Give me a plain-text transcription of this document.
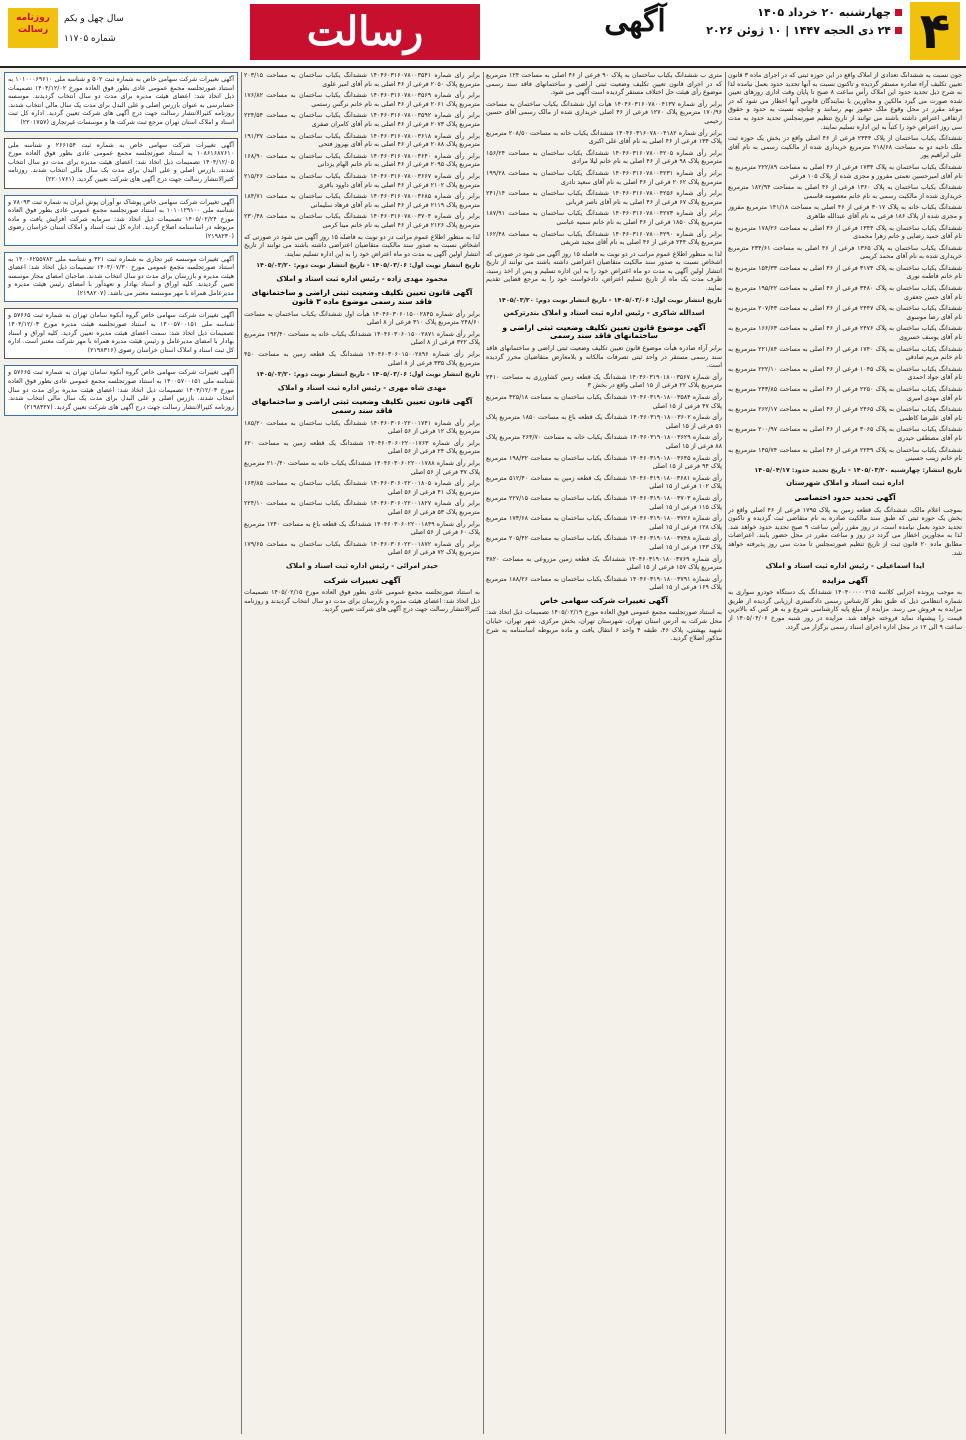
۴
چهارشنبه ۲۰ خرداد ۱۴۰۵
۲۴ ذی الحجه ۱۴۴۷ | ۱۰ ژوئن ۲۰۲۶
آگهی
رسالت
روزنامه رسالت
سال چهل و یکم
شماره ۱۱۷۰۵

جون نسبت به ششدانگ تعدادی از املاک واقع در این حوزه ثبتی که در اجرای ماده ۳ قانون تعیین تکلیف آراء صادره مستقر گردیده و تاکنون نسبت به آنها تحدید حدود بعمل نیامده لذا به شرح ذیل تحدید حدود این املاک رأس ساعت ۸ صبح تا پایان وقت اداری روزهای تعیین شده صورت می گیرد مالکین و مجاورین یا نمایندگان قانونی آنها اخطار می شود که در موعد مقرر در محل وقوع ملک حضور بهم رسانند و چنانچه نسبت به حدود و حقوق ارتفاقی اعتراض داشته باشند می توانند از تاریخ تنظیم صورتمجلس تحدید حدود به مدت سی روز اعتراض خود را کتباً به این اداره تسلیم نمایند.

ششدانگ یکباب ساختمان از پلاک ۲۳۴۴ فرعی از ۴۶ اصلی واقع در بخش یک حوزه ثبت ملک ناحیه دو به مساحت ۲۱۸/۶۸ مترمربع خریداری شده از مالکیت رسمی به نام آقای علی ابراهیم پور

ششدانگ یکباب ساختمان به پلاک ۱۷۳۴ فرعی از ۴۶ اصلی به مساحت ۲۲۲/۸۹ مترمربع به نام آقای امیرحسین نعمتی مفروز و مجزی شده از پلاک ۱۰۵ فرعی

ششدانگ یکباب ساختمان به پلاک ۱۳۶۰ فرعی از ۴۶ اصلی به مساحت ۱۸۲/۹۴ مترمربع خریداری شده از مالکیت رسمی به نام خانم معصومه قاسمی

ششدانگ یکباب خانه به پلاک ۳۰۱۷ فرعی از ۴۶ اصلی به مساحت ۱۴۱/۱۸ مترمربع مفروز و مجزی شده از پلاک ۱۸۶ فرعی به نام آقای عبدالله طاهری

ششدانگ یکباب ساختمان به پلاک ۱۳۴۴ فرعی از ۴۶ اصلی به مساحت ۱۷۸/۲۶ مترمربع به نام آقای حمید رضایی و خانم زهرا محمدی

ششدانگ یکباب ساختمان به پلاک ۱۳۶۵ فرعی از ۴۶ اصلی به مساحت ۲۳۴/۶۱ مترمربع خریداری شده به نام آقای محمد کریمی

ششدانگ یکباب ساختمان به پلاک ۳۱۷۴ فرعی از ۴۶ اصلی به مساحت ۱۵۴/۳۳ مترمربع به نام خانم فاطمه نوری

ششدانگ یکباب ساختمان به پلاک ۳۴۸۰ فرعی از ۴۶ اصلی به مساحت ۱۹۵/۲۲ مترمربع به نام آقای حسن جعفری

ششدانگ یکباب ساختمان به پلاک ۲۴۴۷ فرعی از ۴۶ اصلی به مساحت ۲۰۷/۴۳ مترمربع به نام آقای رضا موسوی

ششدانگ یکباب ساختمان به پلاک ۲۴۷۶ فرعی از ۴۶ اصلی به مساحت ۱۶۶/۶۳ مترمربع به نام آقای یوسف خسروی

ششدانگ یکباب ساختمان به پلاک ۱۷۴۰ فرعی از ۴۶ اصلی به مساحت ۲۲۱/۸۴ مترمربع به نام خانم مریم صادقی

ششدانگ یکباب ساختمان به پلاک ۱۰۴۵ فرعی از ۴۶ اصلی به مساحت ۲۲۲/۱۰ مترمربع به نام آقای جواد احمدی

ششدانگ یکباب ساختمان به پلاک ۲۲۵۰ فرعی از ۴۶ اصلی به مساحت ۲۴۳/۸۵ مترمربع به نام آقای مهدی امیری

ششدانگ یکباب ساختمان به پلاک ۲۴۶۵ فرعی از ۴۶ اصلی به مساحت ۲۶۲/۱۷ مترمربع به نام آقای علیرضا کاظمی

ششدانگ یکباب ساختمان به پلاک ۳۰۶۵ فرعی از ۴۶ اصلی به مساحت ۲۰۰/۹۷ مترمربع به نام آقای مصطفی حیدری

ششدانگ یکباب ساختمان به پلاک ۲۲۴۹ فرعی از ۴۶ اصلی به مساحت ۱۴۵/۷۴ مترمربع به نام خانم زینب حسینی

تاریخ انتشار: چهارشنبه ۱۴۰۵/۰۳/۲۰ - تاریخ تحدید حدود: ۱۴۰۵/۰۴/۱۷

اداره ثبت اسناد و املاک شهرستان
آگهی تحدید حدود اختصاصی

بموجب اعلام مالک، ششدانگ یک قطعه زمین به پلاک ۱۷۹۵ فرعی از ۴۶ اصلی واقع در بخش یک حوزه ثبتی که طبق سند مالکیت صادره به نام متقاضی ثبت گردیده و تاکنون تحدید حدود بعمل نیامده است، در روز مقرر رأس ساعت ۹ صبح تحدید حدود خواهد شد. لذا به مجاورین اخطار می گردد در روز و ساعت مقرر در محل حضور یابند. اعتراضات مطابق ماده ۲۰ قانون ثبت از تاریخ تنظیم صورتمجلس تا مدت سی روز پذیرفته خواهد شد.

ایدا اسماعیلی - رئیس اداره ثبت اسناد و املاک
آگهی مزایده

به موجب پرونده اجرایی کلاسه ۱۴۰۴۰۰۰۰۰۲۱۵ ششدانگ یک دستگاه خودرو سواری به شماره انتظامی ذیل که طبق نظر کارشناس رسمی دادگستری ارزیابی گردیده از طریق مزایده به فروش می رسد. مزایده از مبلغ پایه کارشناسی شروع و به هر کس که بالاترین قیمت را پیشنهاد نماید فروخته خواهد شد. مزایده در روز شنبه مورخ ۱۴۰۵/۰۴/۰۶ از ساعت ۹ الی ۱۲ در محل اداره اجرای اسناد رسمی برگزار می گردد.

متری ب ششدانگ یکباب ساختمان به پلاک ۹۰ فرعی از ۴۶ اصلی به مساحت ۱۲۴ مترمربع که در اجرای قانون تعیین تکلیف وضعیت ثبتی اراضی و ساختمانهای فاقد سند رسمی موضوع رأی هیئت حل اختلاف مستقر گردیده است آگهی می شود.

برابر رأی شماره ۱۴۰۴۶۰۳۱۶۰۷۸۰۰۴۱۳۷ هیأت اول ششدانگ یکباب ساختمان به مساحت ۱۷۰/۹۶ مترمربع پلاک ۱۲۷۰ فرعی از ۴۶ اصلی خریداری شده از مالک رسمی آقای حسین رحیمی

برابر رأی شماره ۱۴۰۴۶۰۳۱۶۰۷۸۰۰۴۱۸۲ ششدانگ یکباب خانه به مساحت ۲۰۸/۵۰ مترمربع پلاک ۱۳۴ فرعی از ۴۶ اصلی به نام آقای علی اکبری

برابر رأی شماره ۱۴۰۴۶۰۳۱۶۰۷۸۰۰۴۲۰۵ ششدانگ یکباب ساختمان به مساحت ۱۵۶/۲۴ مترمربع پلاک ۹۸ فرعی از ۴۶ اصلی به نام خانم لیلا مرادی

برابر رأی شماره ۱۴۰۴۶۰۳۱۶۰۷۸۰۰۴۲۳۱ ششدانگ یکباب ساختمان به مساحت ۱۹۹/۲۸ مترمربع پلاک ۲۰۶۲ فرعی از ۴۶ اصلی به نام آقای سعید نادری

برابر رأی شماره ۱۴۰۴۶۰۳۱۶۰۷۸۰۰۴۲۵۶ ششدانگ یکباب ساختمان به مساحت ۲۴۱/۱۴ مترمربع پلاک ۶۷ فرعی از ۴۶ اصلی به نام آقای ناصر قربانی

برابر رأی شماره ۱۴۰۴۶۰۳۱۶۰۷۸۰۰۴۲۷۳ ششدانگ یکباب ساختمان به مساحت ۱۸۷/۹۱ مترمربع پلاک ۱۸۵۰ فرعی از ۴۶ اصلی به نام خانم سمیه عباسی

برابر رأی شماره ۱۴۰۴۶۰۳۱۶۰۷۸۰۰۴۲۹۰ ششدانگ یکباب ساختمان به مساحت ۱۶۲/۴۸ مترمربع پلاک ۲۴۴ فرعی از ۴۶ اصلی به نام آقای مجید شریفی

لذا به منظور اطلاع عموم مراتب در دو نوبت به فاصله ۱۵ روز آگهی می شود در صورتی که اشخاص نسبت به صدور سند مالکیت متقاضیان اعتراضی داشته باشند می توانند از تاریخ انتشار اولین آگهی به مدت دو ماه اعتراض خود را به این اداره تسلیم و پس از اخذ رسید، ظرف مدت یک ماه از تاریخ تسلیم اعتراض، دادخواست خود را به مرجع قضایی تقدیم نمایند.

تاریخ انتشار نوبت اول: ۱۴۰۵/۰۳/۰۶ - تاریخ انتشار نوبت دوم: ۱۴۰۵/۰۳/۲۰

اسدالله شاکری - رئیس اداره ثبت اسناد و املاک بندرترکمن
آگهی موضوع قانون تعیین تکلیف وضعیت ثبتی اراضی و ساختمانهای فاقد سند رسمی

برابر آراء صادره هیأت موضوع قانون تعیین تکلیف وضعیت ثبتی اراضی و ساختمانهای فاقد سند رسمی مستقر در واحد ثبتی تصرفات مالکانه و بلامعارض متقاضیان محرز گردیده است.

رأی شماره ۱۴۰۴۶۰۳۱۹۰۱۸۰۰۳۵۶۷ ششدانگ یک قطعه زمین کشاورزی به مساحت ۲۴۱۰ مترمربع پلاک ۲۲ فرعی از ۱۵ اصلی واقع در بخش ۳

رأی شماره ۱۴۰۴۶۰۳۱۹۰۱۸۰۰۳۵۸۴ ششدانگ یکباب ساختمان به مساحت ۳۲۵/۱۸ مترمربع پلاک ۴۷ فرعی از ۱۵ اصلی

رأی شماره ۱۴۰۴۶۰۳۱۹۰۱۸۰۰۳۶۰۲ ششدانگ یک قطعه باغ به مساحت ۱۸۵۰ مترمربع پلاک ۵۱ فرعی از ۱۵ اصلی

رأی شماره ۱۴۰۴۶۰۳۱۹۰۱۸۰۰۳۶۲۹ ششدانگ یکباب خانه به مساحت ۲۶۴/۷۰ مترمربع پلاک ۸۸ فرعی از ۱۵ اصلی

رأی شماره ۱۴۰۴۶۰۳۱۹۰۱۸۰۰۳۶۴۵ ششدانگ یکباب ساختمان به مساحت ۱۹۸/۳۲ مترمربع پلاک ۹۴ فرعی از ۱۵ اصلی

رأی شماره ۱۴۰۴۶۰۳۱۹۰۱۸۰۰۳۶۸۱ ششدانگ یک قطعه زمین به مساحت ۵۱۲/۴۰ مترمربع پلاک ۱۰۲ فرعی از ۱۵ اصلی

رأی شماره ۱۴۰۴۶۰۳۱۹۰۱۸۰۰۳۷۰۳ ششدانگ یکباب ساختمان به مساحت ۲۲۷/۱۵ مترمربع پلاک ۱۱۵ فرعی از ۱۵ اصلی

رأی شماره ۱۴۰۴۶۰۳۱۹۰۱۸۰۰۳۷۲۶ ششدانگ یکباب ساختمان به مساحت ۱۷۳/۶۸ مترمربع پلاک ۱۲۸ فرعی از ۱۵ اصلی

رأی شماره ۱۴۰۴۶۰۳۱۹۰۱۸۰۰۳۷۴۸ ششدانگ یکباب ساختمان به مساحت ۲۰۵/۴۲ مترمربع پلاک ۱۴۳ فرعی از ۱۵ اصلی

رأی شماره ۱۴۰۴۶۰۳۱۹۰۱۸۰۰۳۷۶۹ ششدانگ یک قطعه زمین مزروعی به مساحت ۳۸۲۰ مترمربع پلاک ۱۵۷ فرعی از ۱۵ اصلی

رأی شماره ۱۴۰۴۶۰۳۱۹۰۱۸۰۰۳۷۹۱ ششدانگ یکباب ساختمان به مساحت ۱۸۸/۲۶ مترمربع پلاک ۱۶۹ فرعی از ۱۵ اصلی

آگهی تغییرات شرکت سهامی خاص

به استناد صورتجلسه مجمع عمومی فوق العاده مورخ ۱۴۰۵/۰۲/۱۹ تصمیمات ذیل اتخاذ شد: محل شرکت به آدرس استان تهران، شهرستان تهران، بخش مرکزی، شهر تهران، خیابان شهید بهشتی، پلاک ۴۶، طبقه ۴ واحد ۶ انتقال یافت و ماده مربوطه اساسنامه به شرح مذکور اصلاح گردید.

برابر رأی شماره ۱۴۰۴۶۰۳۱۶۰۷۸۰۰۳۵۴۱ ششدانگ یکباب ساختمان به مساحت ۲۰۳/۱۵ مترمربع پلاک ۲۰۵۰ فرعی از ۴۶ اصلی به نام آقای امیر علوی

برابر رأی شماره ۱۴۰۴۶۰۳۱۶۰۷۸۰۰۳۵۶۹ ششدانگ یکباب ساختمان به مساحت ۱۷۶/۸۲ مترمربع پلاک ۲۰۶۱ فرعی از ۴۶ اصلی به نام خانم نرگس رستمی

برابر رأی شماره ۱۴۰۴۶۰۳۱۶۰۷۸۰۰۳۵۹۲ ششدانگ یکباب ساختمان به مساحت ۲۲۴/۵۴ مترمربع پلاک ۲۰۷۳ فرعی از ۴۶ اصلی به نام آقای کامران صفری

برابر رأی شماره ۱۴۰۴۶۰۳۱۶۰۷۸۰۰۳۶۱۸ ششدانگ یکباب ساختمان به مساحت ۱۹۱/۳۷ مترمربع پلاک ۲۰۸۸ فرعی از ۴۶ اصلی به نام آقای بهروز فتحی

برابر رأی شماره ۱۴۰۴۶۰۳۱۶۰۷۸۰۰۳۶۴۰ ششدانگ یکباب ساختمان به مساحت ۱۶۸/۹۰ مترمربع پلاک ۲۰۹۵ فرعی از ۴۶ اصلی به نام خانم الهام یزدانی

برابر رأی شماره ۱۴۰۴۶۰۳۱۶۰۷۸۰۰۳۶۶۷ ششدانگ یکباب ساختمان به مساحت ۲۱۵/۲۶ مترمربع پلاک ۲۱۰۲ فرعی از ۴۶ اصلی به نام آقای داوود باقری

برابر رأی شماره ۱۴۰۴۶۰۳۱۶۰۷۸۰۰۳۶۸۵ ششدانگ یکباب ساختمان به مساحت ۱۸۴/۷۱ مترمربع پلاک ۲۱۱۹ فرعی از ۴۶ اصلی به نام آقای فرهاد سلیمانی

برابر رأی شماره ۱۴۰۴۶۰۳۱۶۰۷۸۰۰۳۷۰۴ ششدانگ یکباب ساختمان به مساحت ۲۳۰/۴۸ مترمربع پلاک ۲۱۲۶ فرعی از ۴۶ اصلی به نام خانم مینا کرمی

لذا به منظور اطلاع عموم مراتب در دو نوبت به فاصله ۱۵ روز آگهی می شود در صورتی که اشخاص نسبت به صدور سند مالکیت متقاضیان اعتراضی داشته باشند می توانند از تاریخ انتشار اولین آگهی به مدت دو ماه اعتراض خود را به این اداره تسلیم نمایند.

تاریخ انتشار نوبت اول: ۱۴۰۵/۰۳/۰۶ - تاریخ انتشار نوبت دوم: ۱۴۰۵/۰۳/۲۰

محمود مهدی زاده - رئیس اداره ثبت اسناد و املاک
آگهی قانون تعیین تکلیف وضعیت ثبتی اراضی و ساختمانهای فاقد سند رسمی موضوع ماده ۳ قانون

برابر رأی شماره ۱۴۰۴۶۰۳۰۶۰۱۵۰۰۲۸۴۵ هیأت اول ششدانگ یکباب ساختمان به مساحت ۲۴۸/۶۰ مترمربع پلاک ۳۱۰ فرعی از ۸ اصلی

برابر رأی شماره ۱۴۰۴۶۰۳۰۶۰۱۵۰۰۲۸۷۱ ششدانگ یکباب خانه به مساحت ۱۹۲/۴۰ مترمربع پلاک ۳۲۲ فرعی از ۸ اصلی

برابر رأی شماره ۱۴۰۴۶۰۳۰۶۰۱۵۰۰۲۸۹۶ ششدانگ یک قطعه زمین به مساحت ۴۵۰ مترمربع پلاک ۳۳۵ فرعی از ۸ اصلی

تاریخ انتشار نوبت اول: ۱۴۰۵/۰۳/۰۶ - تاریخ انتشار نوبت دوم: ۱۴۰۵/۰۳/۲۰

مهدی شاه مهری - رئیس اداره ثبت اسناد و املاک
آگهی قانون تعیین تکلیف وضعیت ثبتی اراضی و ساختمانهای فاقد سند رسمی

برابر رأی شماره ۱۴۰۴۶۰۳۰۶۰۲۲۰۰۱۷۴۱ ششدانگ یکباب ساختمان به مساحت ۱۸۵/۲۰ مترمربع پلاک ۱۲ فرعی از ۵۶ اصلی

برابر رأی شماره ۱۴۰۴۶۰۳۰۶۰۲۲۰۰۱۷۶۳ ششدانگ یک قطعه زمین به مساحت ۶۲۰ مترمربع پلاک ۲۴ فرعی از ۵۶ اصلی

برابر رأی شماره ۱۴۰۴۶۰۳۰۶۰۲۲۰۰۱۷۸۸ ششدانگ یکباب خانه به مساحت ۲۱۰/۴۰ مترمربع پلاک ۳۷ فرعی از ۵۶ اصلی

برابر رأی شماره ۱۴۰۴۶۰۳۰۶۰۲۲۰۰۱۸۰۵ ششدانگ یکباب ساختمان به مساحت ۱۶۳/۸۵ مترمربع پلاک ۴۱ فرعی از ۵۶ اصلی

برابر رأی شماره ۱۴۰۴۶۰۳۰۶۰۲۲۰۰۱۸۲۷ ششدانگ یکباب ساختمان به مساحت ۲۲۴/۱۰ مترمربع پلاک ۵۳ فرعی از ۵۶ اصلی

برابر رأی شماره ۱۴۰۴۶۰۳۰۶۰۲۲۰۰۱۸۴۹ ششدانگ یک قطعه باغ به مساحت ۱۲۴۰ مترمربع پلاک ۶۰ فرعی از ۵۶ اصلی

برابر رأی شماره ۱۴۰۴۶۰۳۰۶۰۲۲۰۰۱۸۷۲ ششدانگ یکباب ساختمان به مساحت ۱۷۹/۶۵ مترمربع پلاک ۷۲ فرعی از ۵۶ اصلی

حیدر امرائی - رئیس اداره ثبت اسناد و املاک
آگهی تغییرات شرکت

به استناد صورتجلسه مجمع عمومی عادی بطور فوق العاده مورخ ۱۴۰۵/۰۲/۱۵ تصمیمات ذیل اتخاذ شد: اعضای هیئت مدیره و بازرسان برای مدت دو سال انتخاب گردیدند و روزنامه کثیرالانتشار رسالت جهت درج آگهی های شرکت تعیین گردید.

آگهی تغییرات شرکت سهامی خاص به شماره ثبت ۵۰۲ و شناسه ملی ۱۰۱۰۰۰۶۹۶۱۰ به استناد صورتجلسه مجمع عمومی عادی بطور فوق العاده مورخ ۱۴۰۴/۱۲/۰۲ تصمیمات ذیل اتخاذ شد: اعضای هیئت مدیره برای مدت دو سال انتخاب گردیدند. موسسه حسابرسی به عنوان بازرس اصلی و علی البدل برای مدت یک سال مالی انتخاب شدند. روزنامه کثیرالانتشار رسالت جهت درج آگهی های شرکت تعیین گردید. اداره کل ثبت اسناد و املاک استان تهران مرجع ثبت شرکت ها و موسسات غیرتجاری (۲۲۰۱۷۵۷)
آگهی تغییرات شرکت سهامی خاص به شماره ثبت ۲۶۶۱۵۴ و شناسه ملی ۱۰۸۶۱۶۸۷۶۱۰ به استناد صورتجلسه مجمع عمومی عادی بطور فوق العاده مورخ ۱۴۰۴/۱۲/۰۵ تصمیمات ذیل اتخاذ شد: اعضای هیئت مدیره برای مدت دو سال انتخاب شدند. بازرس اصلی و علی البدل برای مدت یک سال مالی انتخاب شدند. روزنامه کثیرالانتشار رسالت جهت درج آگهی های شرکت تعیین گردید. (۲۲۰۱۷۶۱)
آگهی تغییرات شرکت سهامی خاص پوشاک نو آوران پوش ایران به شماره ثبت ۷۸۰۹۳ و شناسه ملی ۱۰۱۰۱۲۹۱۰۰ به استناد صورتجلسه مجمع عمومی عادی بطور فوق العاده مورخ ۱۴۰۵/۰۲/۲۴ تصمیمات ذیل اتخاذ شد: سرمایه شرکت افزایش یافت و ماده مربوطه در اساسنامه اصلاح گردید. اداره کل ثبت اسناد و املاک استان خراسان رضوی (۲۱۹۸۲۳۰)
آگهی تغییرات موسسه غیر تجاری به شماره ثبت ۳۲۱ و شناسه ملی ۱۴۰۰۶۲۵۵۷۸۲ به استناد صورتجلسه مجمع عمومی مورخ ۱۴۰۴/۰۷/۳۰ تصمیمات ذیل اتخاذ شد: اعضای هیئت مدیره و بازرسان برای مدت دو سال انتخاب شدند. صاحبان امضای مجاز موسسه تعیین گردیدند. کلیه اوراق و اسناد بهادار و تعهدآور با امضای رئیس هیئت مدیره و مدیرعامل همراه با مهر موسسه معتبر می باشد. (۲۱۹۸۲۰۷)
آگهی تغییرات شرکت سهامی خاص گروه آبکوه سامان تهران به شماره ثبت ۵۷۶۶۵ و شناسه ملی ۱۴۰۰۵۷۰۰۱۵۱ به استناد صورتجلسه هیئت مدیره مورخ ۱۴۰۴/۱۲/۰۳ تصمیمات ذیل اتخاذ شد: سمت اعضای هیئت مدیره تعیین گردید. کلیه اوراق و اسناد بهادار با امضای مدیرعامل و رئیس هیئت مدیره همراه با مهر شرکت معتبر است. اداره کل ثبت اسناد و املاک استان خراسان رضوی (۲۱۹۸۳۱۶)
آگهی تغییرات شرکت سهامی خاص گروه آبکوه سامان تهران به شماره ثبت ۵۷۶۶۵ و شناسه ملی ۱۴۰۰۵۷۰۰۱۵۱ به استناد صورتجلسه مجمع عمومی عادی بطور فوق العاده مورخ ۱۴۰۴/۱۲/۰۳ تصمیمات ذیل اتخاذ شد: اعضای هیئت مدیره برای مدت دو سال انتخاب شدند. بازرس اصلی و علی البدل برای مدت یک سال مالی انتخاب شدند. روزنامه کثیرالانتشار رسالت جهت درج آگهی های شرکت تعیین گردید. (۲۱۹۸۳۲۷)
